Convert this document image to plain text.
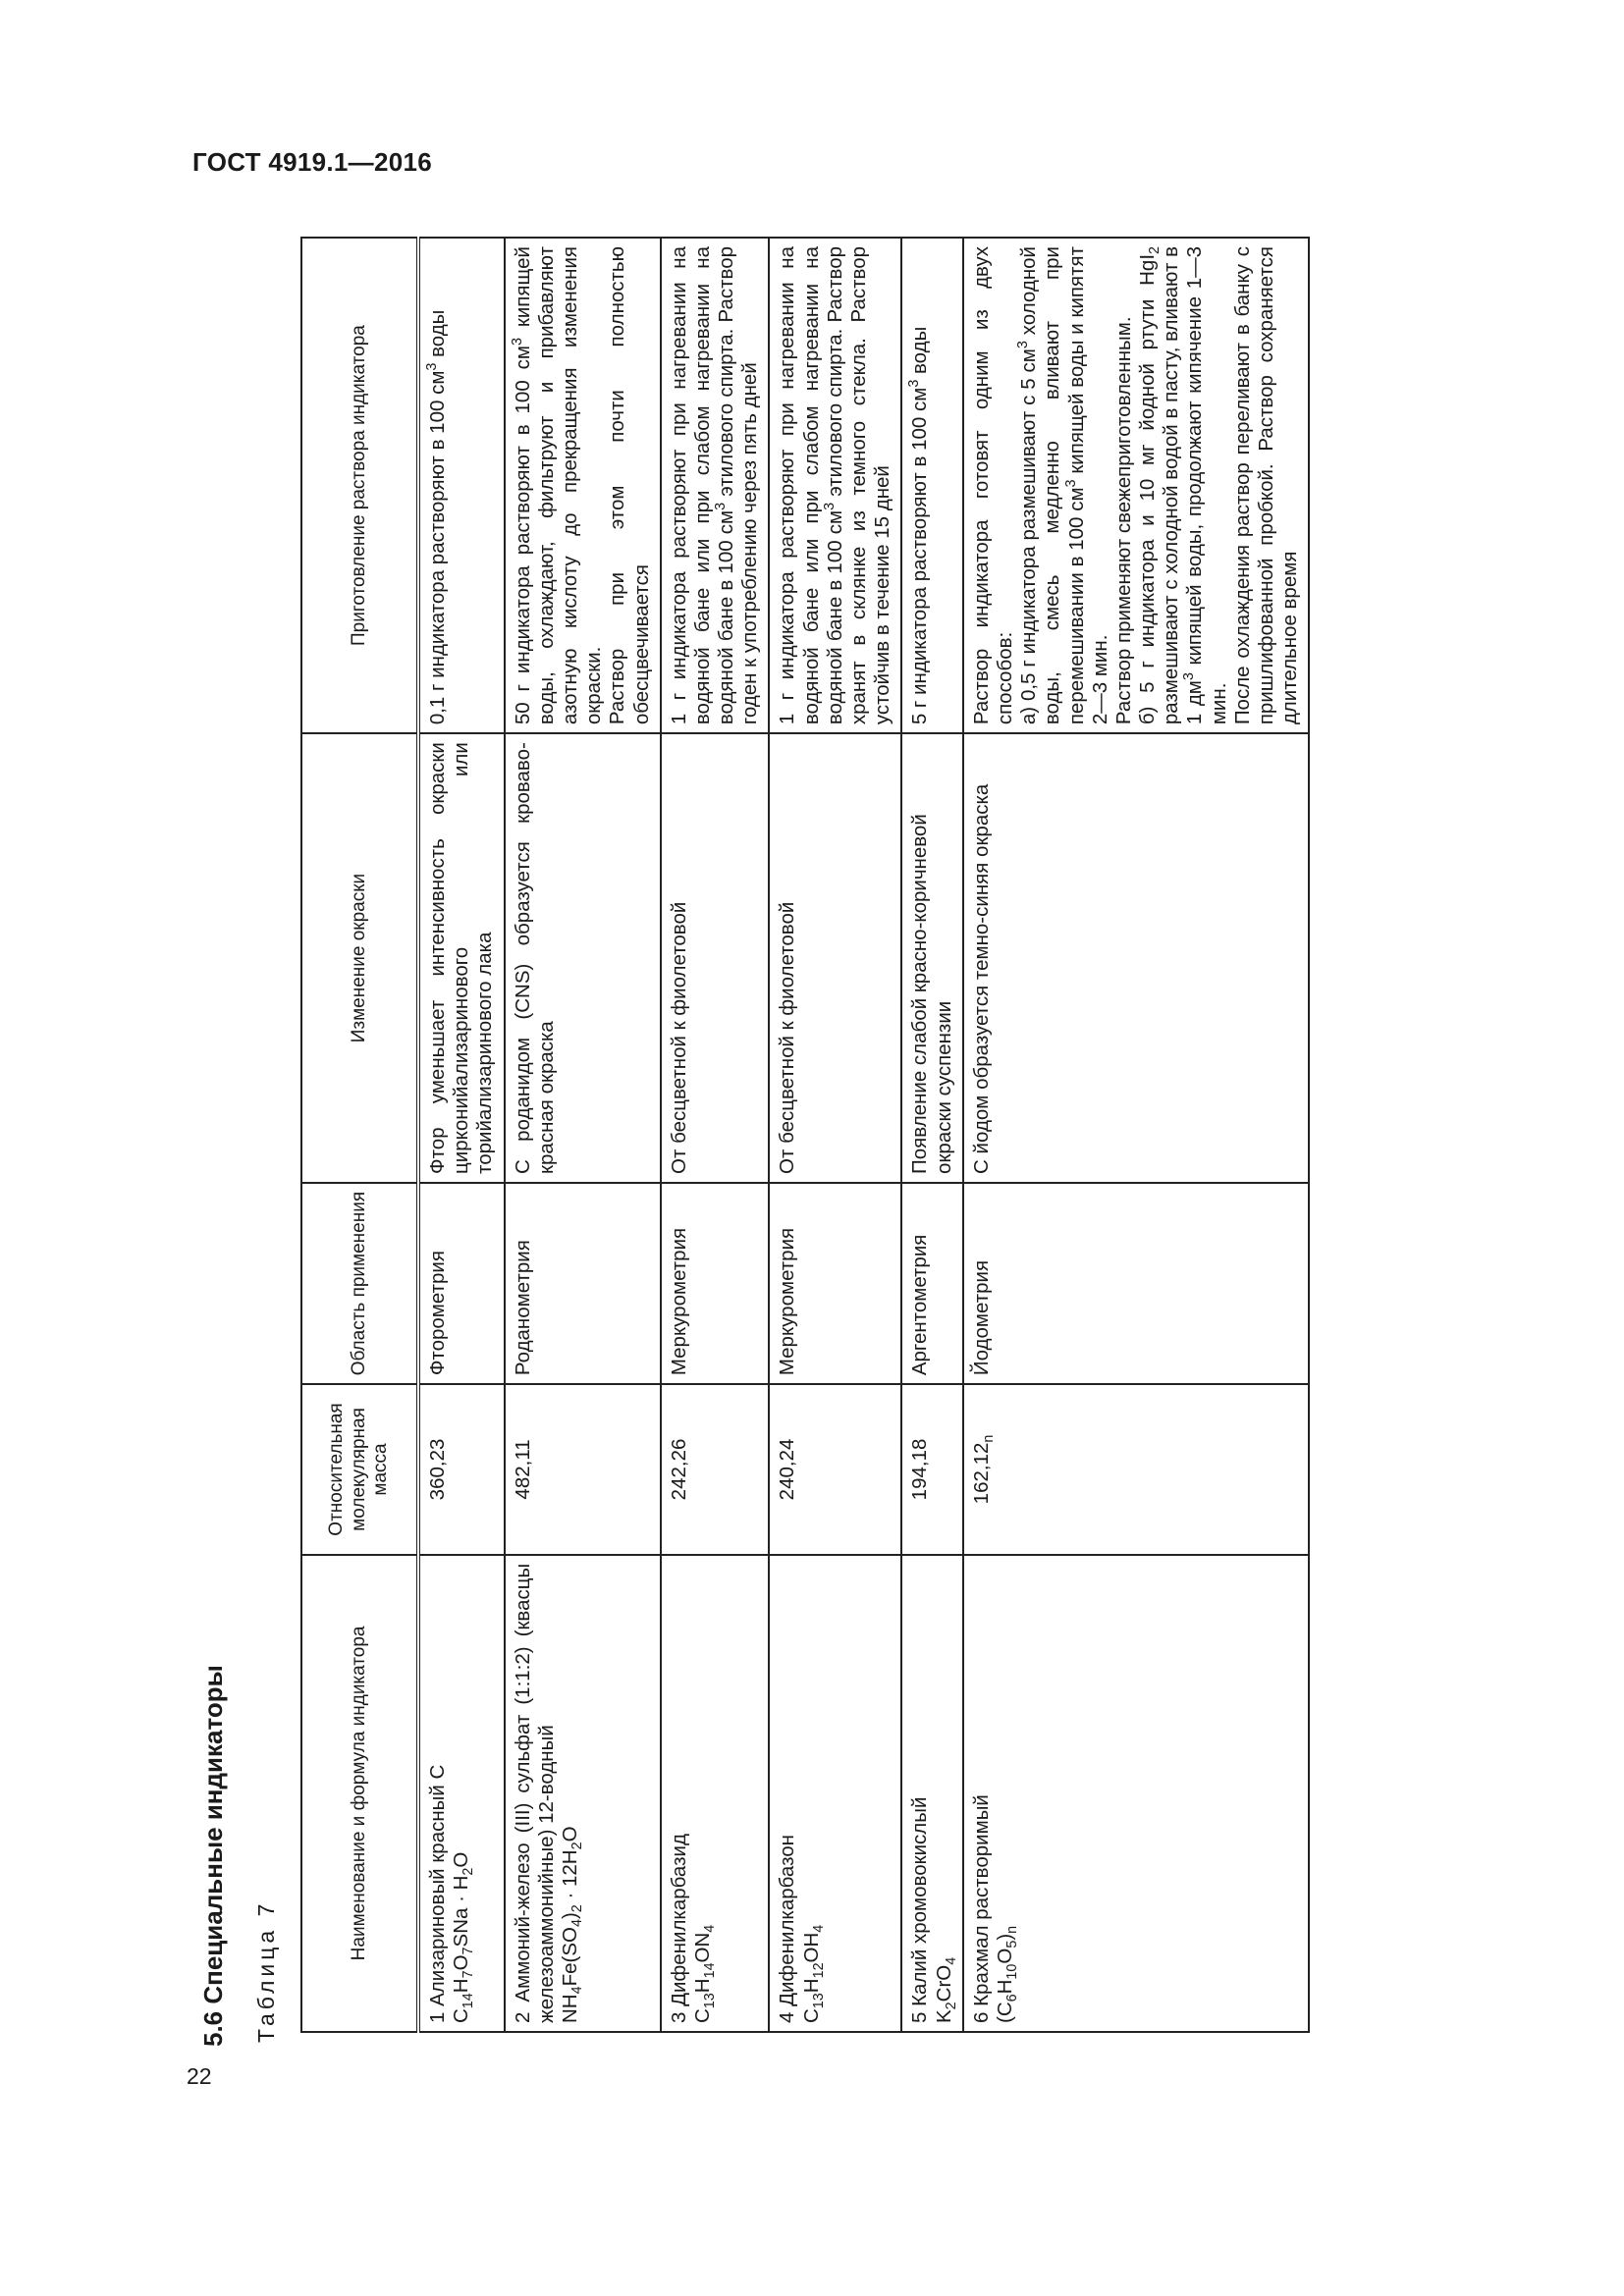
ГОСТ 4919.1—2016
22
5.6 Специальные индикаторы Таблица 7
Наименование и формула индикатора	Относительная молекулярная масса	Область применения	Изменение окраски	Приготовление раствора индикатора
1 Ализариновый красный С $C_{14}H_7O_7SNa \cdot H_2O$	360,23	Фторометрия	Фтор уменьшает интенсивность окраски цирконийализаринового или торийализаринового лака	0,1 г индикатора растворяют в 100 $см^3$ воды
2 Аммоний-железо (III) сульфат (1:1:2) (квасцы железоаммонийные) 12-водный $NH_4Fe(SO_4)_2 \cdot 12H_2O$	482,11	Роданометрия	С роданидом (CNS) образуется кроваво-красная окраска	50 г индикатора растворяют в 100 $см^3$ кипящей воды, охлаждают, фильтруют и прибавляют азотную кислоту до прекращения изменения окраски. Раствор при этом почти полностью обесцвечивается

3 Дифенилкарбазид $C_{13}H_{14}ON_4$	242,26	Меркурометрия	От бесцветной к фиолетовой	1 г индикатора растворяют при нагревании на водяной бане или при слабом нагревании на водяной бане в 100 $см^3$ этилового спирта. Раствор годен к употреблению через пять дней
4 Дифенилкарбазон $C_{13}H_{12}OH_4$	240,24	Меркурометрия	От бесцветной к фиолетовой	1 г индикатора растворяют при нагревании на водяной бане или при слабом нагревании на водяной бане в 100 $см^3$ этилового спирта. Раствор хранят в склянке из темного стекла. Раствор устойчив в течение 15 дней
5 Калий хромовокислый $K_2CrO_4$	194,18	Аргентометрия	Появление слабой красно-коричневой окраски суспензии	5 г индикатора растворяют в 100 $см^3$ воды
6 Крахмал растворимый $(C_6H_{10}O_5)_n$	$162,12_n$	Йодометрия	С йодом образуется темно-синяя окраска	Раствор индикатора готовят одним из двух способов: а) 0,5 г индикатора размешивают с 5 $см^3$ холодной воды, смесь медленно вливают при перемешивании в 100 $см^3$ кипящей воды и кипятят 2—3 мин. Раствор применяют свежеприготовленным. б) 5 г индикатора и 10 мг йодной ртути HgI$_2$ размешивают с холодной водой в пасту, вливают в 1 $дм^3$ кипящей воды, продолжают кипячение 1—3 мин. После охлаждения раствор переливают в банку с пришлифованной пробкой. Раствор сохраняется длительное время
